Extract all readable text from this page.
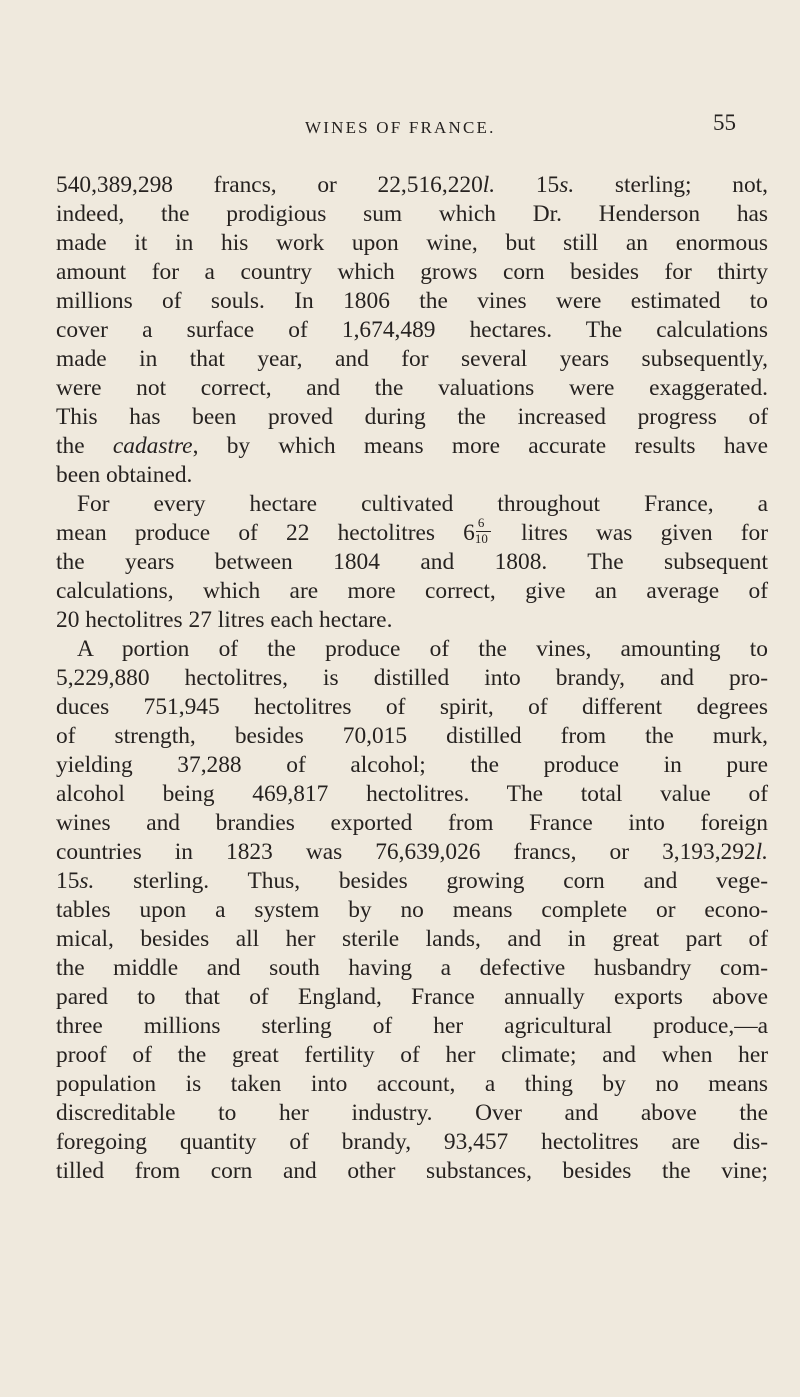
WINES OF FRANCE.	55
540,389,298 francs, or 22,516,220l. 15s. sterling; not,
indeed, the prodigious sum which Dr. Henderson has
made it in his work upon wine, but still an enormous
amount for a country which grows corn besides for thirty
millions of souls. In 1806 the vines were estimated to
cover a surface of 1,674,489 hectares. The calculations
made in that year, and for several years subsequently,
were not correct, and the valuations were exaggerated.
This has been proved during the increased progress of
the cadastre, by which means more accurate results have
been obtained.
For every hectare cultivated throughout France, a
mean produce of 22 hectolitres $6 \frac{6}{10}$ litres was given for
the years between 1804 and 1808. The subsequent
calculations, which are more correct, give an average of
20 hectolitres 27 litres each hectare.
A portion of the produce of the vines, amounting to
5,229,880 hectolitres, is distilled into brandy, and pro-
duces 751,945 hectolitres of spirit, of different degrees
of strength, besides 70,015 distilled from the murk,
yielding 37,288 of alcohol; the produce in pure
alcohol being 469,817 hectolitres. The total value of
wines and brandies exported from France into foreign
countries in 1823 was 76,639,026 francs, or 3,193,292l.
15s. sterling. Thus, besides growing corn and vege-
tables upon a system by no means complete or econo-
mical, besides all her sterile lands, and in great part of
the middle and south having a defective husbandry com-
pared to that of England, France annually exports above
three millions sterling of her agricultural produce,—a
proof of the great fertility of her climate; and when her
population is taken into account, a thing by no means
discreditable to her industry. Over and above the
foregoing quantity of brandy, 93,457 hectolitres are dis-
tilled from corn and other substances, besides the vine;
